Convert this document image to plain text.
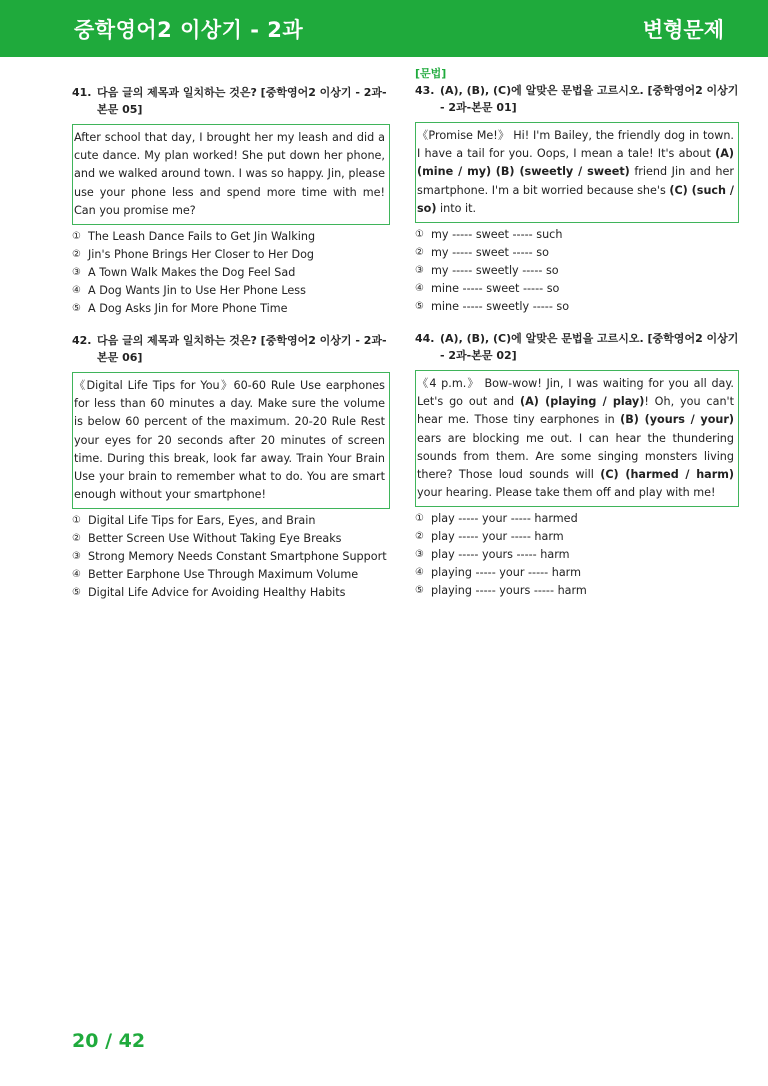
중학영어2 이상기 - 2과	변형문제
41. 다음 글의 제목과 일치하는 것은? [중학영어2 이상기 - 2과-본문 05]

After school that day, I brought her my leash and did a cute dance. My plan worked! She put down her phone, and we walked around town. I was so happy. Jin, please use your phone less and spend more time with me! Can you promise me?

① The Leash Dance Fails to Get Jin Walking
② Jin's Phone Brings Her Closer to Her Dog
③ A Town Walk Makes the Dog Feel Sad
④ A Dog Wants Jin to Use Her Phone Less
⑤ A Dog Asks Jin for More Phone Time
42. 다음 글의 제목과 일치하는 것은? [중학영어2 이상기 - 2과-본문 06]

《Digital Life Tips for You》60-60 Rule Use earphones for less than 60 minutes a day. Make sure the volume is below 60 percent of the maximum. 20-20 Rule Rest your eyes for 20 seconds after 20 minutes of screen time. During this break, look far away. Train Your Brain Use your brain to remember what to do. You are smart enough without your smartphone!

① Digital Life Tips for Ears, Eyes, and Brain
② Better Screen Use Without Taking Eye Breaks
③ Strong Memory Needs Constant Smartphone Support
④ Better Earphone Use Through Maximum Volume
⑤ Digital Life Advice for Avoiding Healthy Habits
[문법]
43. (A), (B), (C)에 알맞은 문법을 고르시오. [중학영어2 이상기 - 2과-본문 01]

《Promise Me!》 Hi! I'm Bailey, the friendly dog in town. I have a tail for you. Oops, I mean a tale! It's about (A) (mine / my) (B) (sweetly / sweet) friend Jin and her smartphone. I'm a bit worried because she's (C) (such / so) into it.

① my ----- sweet ----- such
② my ----- sweet ----- so
③ my ----- sweetly ----- so
④ mine ----- sweet ----- so
⑤ mine ----- sweetly ----- so
44. (A), (B), (C)에 알맞은 문법을 고르시오. [중학영어2 이상기 - 2과-본문 02]

《4 p.m.》 Bow-wow! Jin, I was waiting for you all day. Let's go out and (A) (playing / play)! Oh, you can't hear me. Those tiny earphones in (B) (yours / your) ears are blocking me out. I can hear the thundering sounds from them. Are some singing monsters living there? Those loud sounds will (C) (harmed / harm) your hearing. Please take them off and play with me!

① play ----- your ----- harmed
② play ----- your ----- harm
③ play ----- yours ----- harm
④ playing ----- your ----- harm
⑤ playing ----- yours ----- harm
20 / 42
